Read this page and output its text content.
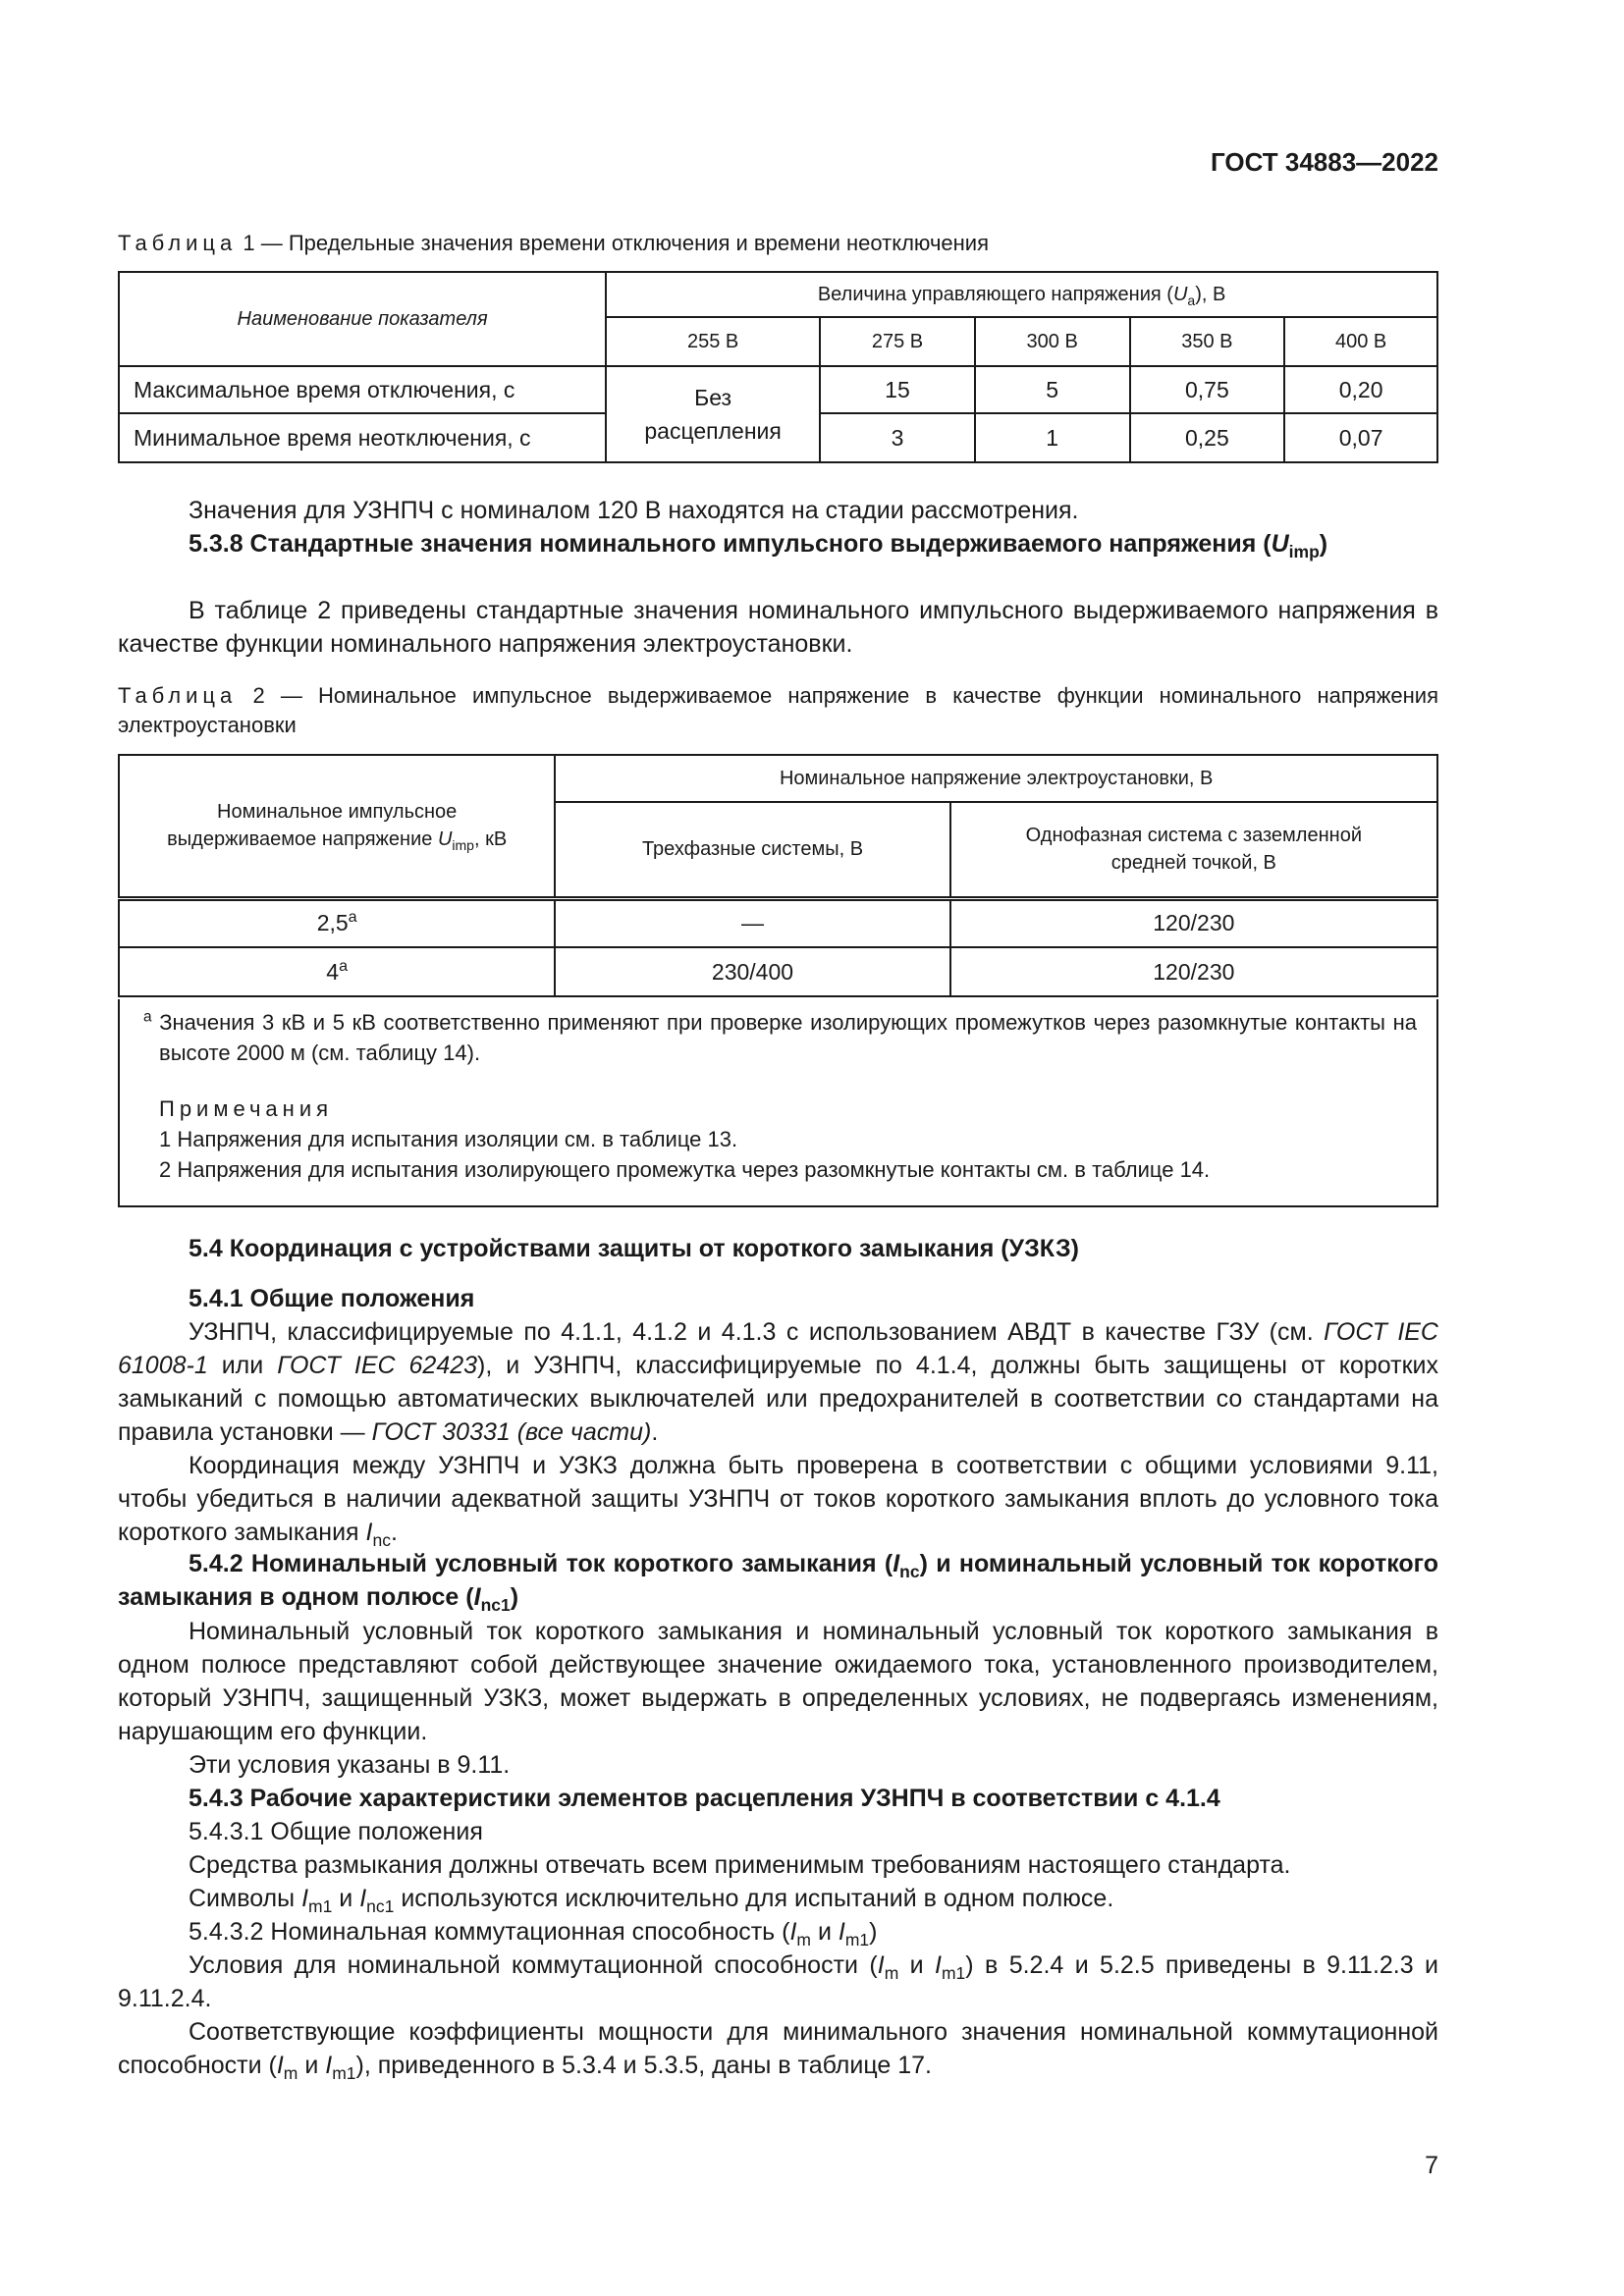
ГОСТ 34883—2022
Таблица 1 — Предельные значения времени отключения и времени неотключения
Наименование показателя	Величина управляющего напряжения $(U_a)$, В				
	255 В	275 В	300 В	350 В	400 В
Максимальное время отключения, с	Без расцепления	15	5	0,75	0,20
Минимальное время неотключения, с		3	1	0,25	0,07
Значения для УЗНПЧ с номиналом 120 В находятся на стадии рассмотрения.
5.3.8 Стандартные значения номинального импульсного выдерживаемого напряжения $(U_{imp})$
В таблице 2 приведены стандартные значения номинального импульсного выдерживаемого напряжения в качестве функции номинального напряжения электроустановки.
Таблица 2 — Номинальное импульсное выдерживаемое напряжение в качестве функции номинального напряжения электроустановки
Номинальное импульсное
выдерживаемое напряжение $U_{imp}$, кВ	Номинальное напряжение электроустановки, В	
	Трехфазные системы, В	Однофазная система с заземленной средней точкой, В
2,5$^a$	—	120/230
4$^a$	230/400	120/230
$^a$ Значения 3 кВ и 5 кВ соответственно применяют при проверке изолирующих промежутков через разомкнутые контакты на высоте 2000 м (см. таблицу 14).
Примечания
1 Напряжения для испытания изоляции см. в таблице 13.
2 Напряжения для испытания изолирующего промежутка через разомкнутые контакты см. в таблице 14.
5.4 Координация с устройствами защиты от короткого замыкания (УЗКЗ)
5.4.1 Общие положения
УЗНПЧ, классифицируемые по 4.1.1, 4.1.2 и 4.1.3 с использованием АВДТ в качестве ГЗУ (см. ГОСТ IEC 61008-1 или ГОСТ IEC 62423), и УЗНПЧ, классифицируемые по 4.1.4, должны быть защищены от коротких замыканий с помощью автоматических выключателей или предохранителей в соответствии со стандартами на правила установки — ГОСТ 30331 (все части).
Координация между УЗНПЧ и УЗКЗ должна быть проверена в соответствии с общими условиями 9.11, чтобы убедиться в наличии адекватной защиты УЗНПЧ от токов короткого замыкания вплоть до условного тока короткого замыкания $I_{nc}$.
5.4.2 Номинальный условный ток короткого замыкания $(I_{nc})$ и номинальный условный ток короткого замыкания в одном полюсе $(I_{nc1})$
Номинальный условный ток короткого замыкания и номинальный условный ток короткого замыкания в одном полюсе представляют собой действующее значение ожидаемого тока, установленного производителем, который УЗНПЧ, защищенный УЗКЗ, может выдержать в определенных условиях, не подвергаясь изменениям, нарушающим его функции.
Эти условия указаны в 9.11.
5.4.3 Рабочие характеристики элементов расцепления УЗНПЧ в соответствии с 4.1.4
5.4.3.1 Общие положения
Средства размыкания должны отвечать всем применимым требованиям настоящего стандарта.
Символы $I_{m1}$ и $I_{nc1}$ используются исключительно для испытаний в одном полюсе.
5.4.3.2 Номинальная коммутационная способность ($I_m$ и $I_{m1}$)
Условия для номинальной коммутационной способности ($I_m$ и $I_{m1}$) в 5.2.4 и 5.2.5 приведены в 9.11.2.3 и 9.11.2.4.
Соответствующие коэффициенты мощности для минимального значения номинальной коммутационной способности ($I_m$ и $I_{m1}$), приведенного в 5.3.4 и 5.3.5, даны в таблице 17.
7
